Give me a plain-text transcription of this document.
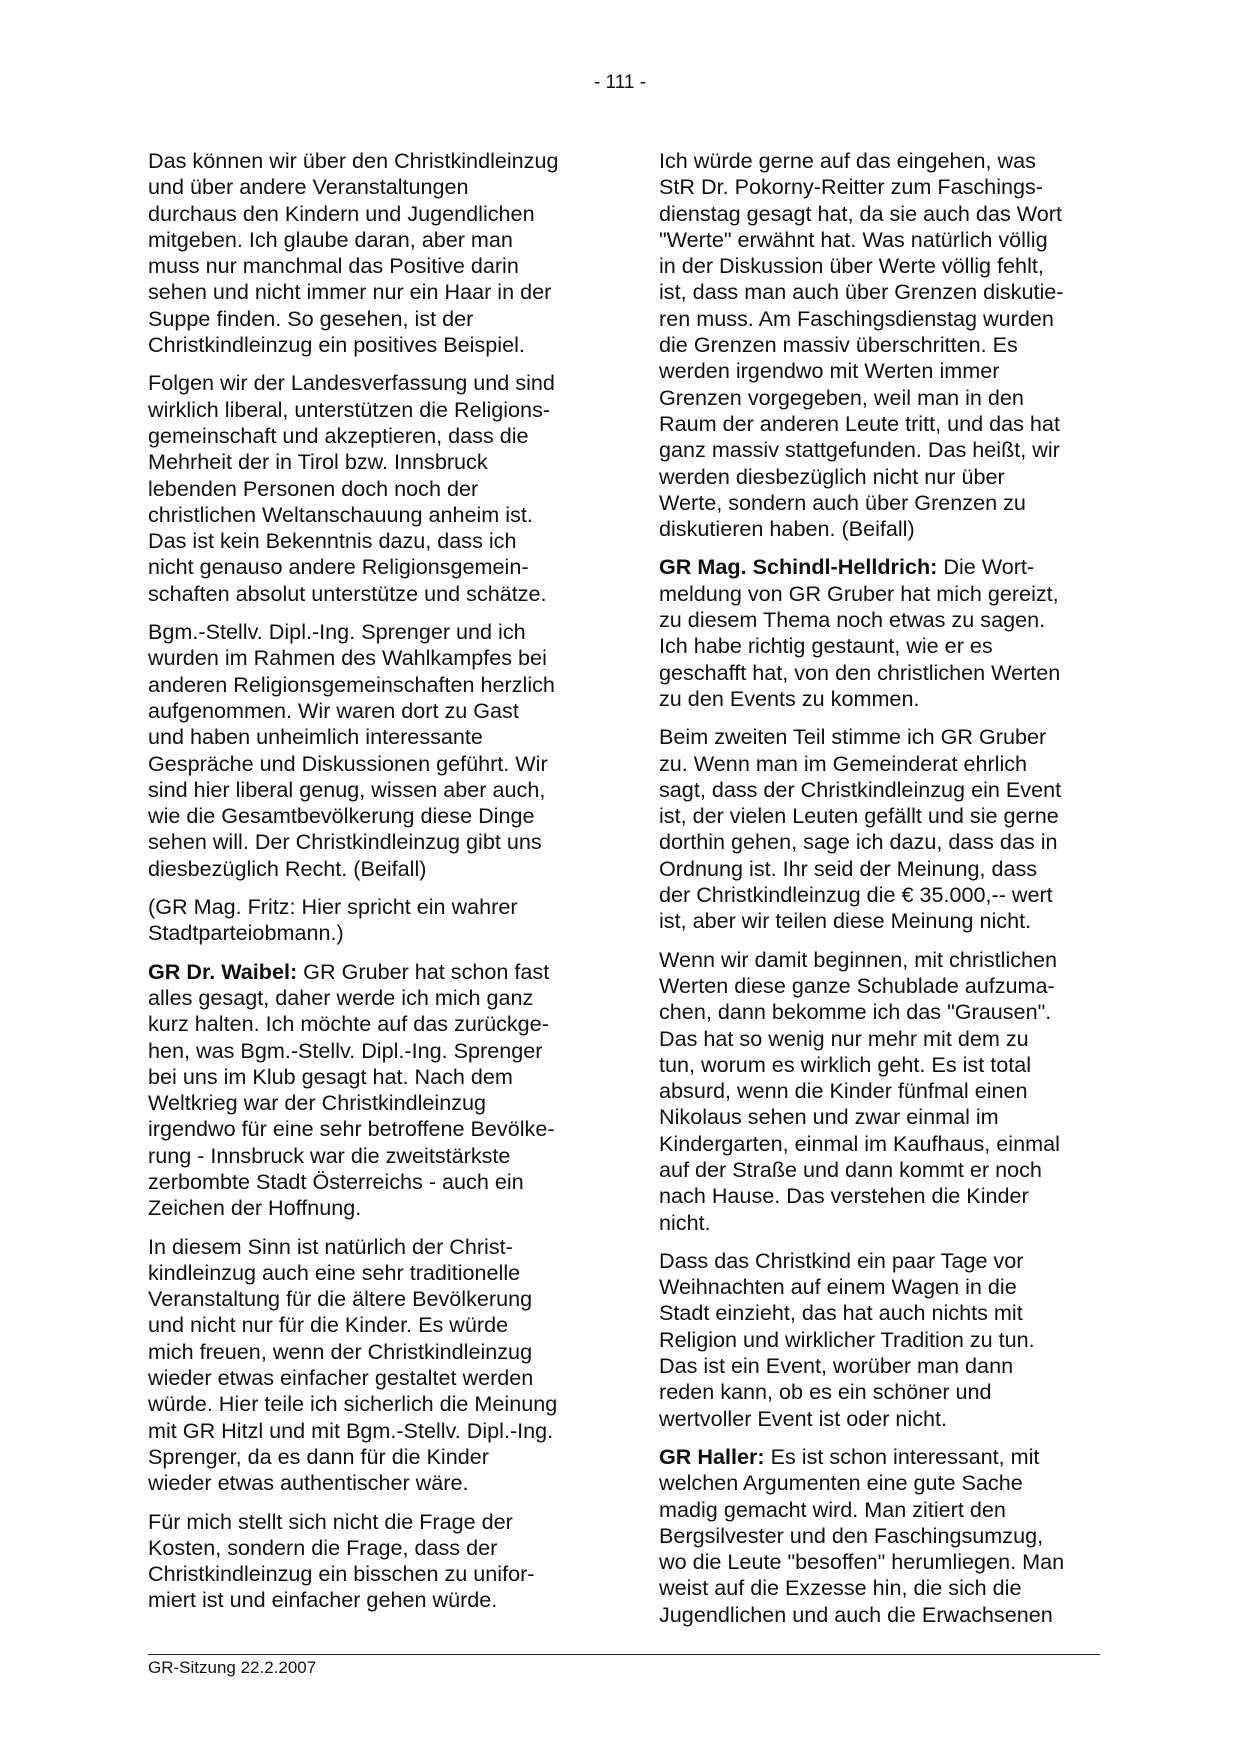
- 111 -

Das können wir über den Christkindleinzug
und über andere Veranstaltungen
durchaus den Kindern und Jugendlichen
mitgeben. Ich glaube daran, aber man
muss nur manchmal das Positive darin
sehen und nicht immer nur ein Haar in der
Suppe finden. So gesehen, ist der
Christkindleinzug ein positives Beispiel.

Folgen wir der Landesverfassung und sind
wirklich liberal, unterstützen die Religions-
gemeinschaft und akzeptieren, dass die
Mehrheit der in Tirol bzw. Innsbruck
lebenden Personen doch noch der
christlichen Weltanschauung anheim ist.
Das ist kein Bekenntnis dazu, dass ich
nicht genauso andere Religionsgemein-
schaften absolut unterstütze und schätze.

Bgm.-Stellv. Dipl.-Ing. Sprenger und ich
wurden im Rahmen des Wahlkampfes bei
anderen Religionsgemeinschaften herzlich
aufgenommen. Wir waren dort zu Gast
und haben unheimlich interessante
Gespräche und Diskussionen geführt. Wir
sind hier liberal genug, wissen aber auch,
wie die Gesamtbevölkerung diese Dinge
sehen will. Der Christkindleinzug gibt uns
diesbezüglich Recht. (Beifall)

(GR Mag. Fritz: Hier spricht ein wahrer
Stadtparteiobmann.)

GR Dr. Waibel: GR Gruber hat schon fast
alles gesagt, daher werde ich mich ganz
kurz halten. Ich möchte auf das zurückge-
hen, was Bgm.-Stellv. Dipl.-Ing. Sprenger
bei uns im Klub gesagt hat. Nach dem
Weltkrieg war der Christkindleinzug
irgendwo für eine sehr betroffene Bevölke-
rung - Innsbruck war die zweitstärkste
zerbombte Stadt Österreichs - auch ein
Zeichen der Hoffnung.

In diesem Sinn ist natürlich der Christ-
kindleinzug auch eine sehr traditionelle
Veranstaltung für die ältere Bevölkerung
und nicht nur für die Kinder. Es würde
mich freuen, wenn der Christkindleinzug
wieder etwas einfacher gestaltet werden
würde. Hier teile ich sicherlich die Meinung
mit GR Hitzl und mit Bgm.-Stellv. Dipl.-Ing.
Sprenger, da es dann für die Kinder
wieder etwas authentischer wäre.

Für mich stellt sich nicht die Frage der
Kosten, sondern die Frage, dass der
Christkindleinzug ein bisschen zu unifor-
miert ist und einfacher gehen würde.

Ich würde gerne auf das eingehen, was
StR Dr. Pokorny-Reitter zum Faschings-
dienstag gesagt hat, da sie auch das Wort
"Werte" erwähnt hat. Was natürlich völlig
in der Diskussion über Werte völlig fehlt,
ist, dass man auch über Grenzen diskutie-
ren muss. Am Faschingsdienstag wurden
die Grenzen massiv überschritten. Es
werden irgendwo mit Werten immer
Grenzen vorgegeben, weil man in den
Raum der anderen Leute tritt, und das hat
ganz massiv stattgefunden. Das heißt, wir
werden diesbezüglich nicht nur über
Werte, sondern auch über Grenzen zu
diskutieren haben. (Beifall)

GR Mag. Schindl-Helldrich: Die Wort-
meldung von GR Gruber hat mich gereizt,
zu diesem Thema noch etwas zu sagen.
Ich habe richtig gestaunt, wie er es
geschafft hat, von den christlichen Werten
zu den Events zu kommen.

Beim zweiten Teil stimme ich GR Gruber
zu. Wenn man im Gemeinderat ehrlich
sagt, dass der Christkindleinzug ein Event
ist, der vielen Leuten gefällt und sie gerne
dorthin gehen, sage ich dazu, dass das in
Ordnung ist. Ihr seid der Meinung, dass
der Christkindleinzug die € 35.000,-- wert
ist, aber wir teilen diese Meinung nicht.

Wenn wir damit beginnen, mit christlichen
Werten diese ganze Schublade aufzuma-
chen, dann bekomme ich das "Grausen".
Das hat so wenig nur mehr mit dem zu
tun, worum es wirklich geht. Es ist total
absurd, wenn die Kinder fünfmal einen
Nikolaus sehen und zwar einmal im
Kindergarten, einmal im Kaufhaus, einmal
auf der Straße und dann kommt er noch
nach Hause. Das verstehen die Kinder
nicht.

Dass das Christkind ein paar Tage vor
Weihnachten auf einem Wagen in die
Stadt einzieht, das hat auch nichts mit
Religion und wirklicher Tradition zu tun.
Das ist ein Event, worüber man dann
reden kann, ob es ein schöner und
wertvoller Event ist oder nicht.

GR Haller: Es ist schon interessant, mit
welchen Argumenten eine gute Sache
madig gemacht wird. Man zitiert den
Bergsilvester und den Faschingsumzug,
wo die Leute "besoffen" herumliegen. Man
weist auf die Exzesse hin, die sich die
Jugendlichen und auch die Erwachsenen

GR-Sitzung 22.2.2007
